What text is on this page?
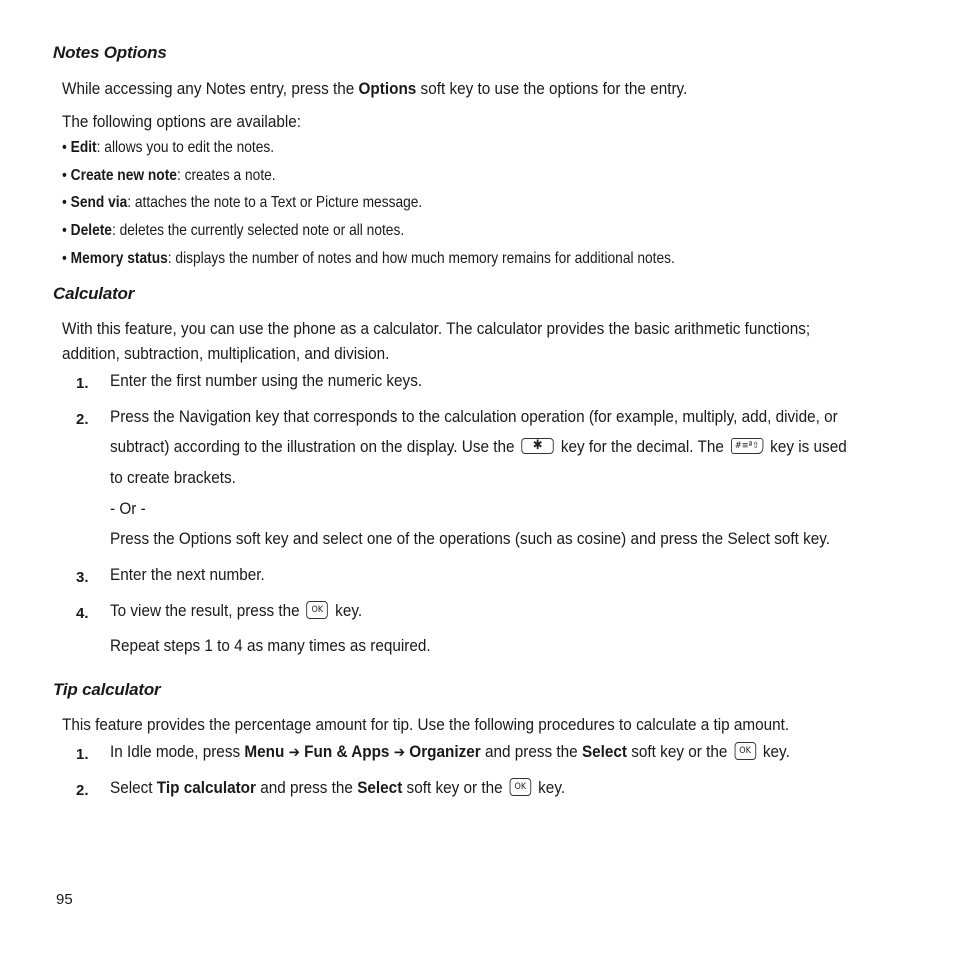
Notes Options
While accessing any Notes entry, press the Options soft key to use the options for the entry.
The following options are available:
• Edit: allows you to edit the notes.
• Create new note: creates a note.
• Send via: attaches the note to a Text or Picture message.
• Delete: deletes the currently selected note or all notes.
• Memory status: displays the number of notes and how much memory remains for additional notes.
Calculator
With this feature, you can use the phone as a calculator. The calculator provides the basic arithmetic functions;
addition, subtraction, multiplication, and division.
1. Enter the first number using the numeric keys.
2. Press the Navigation key that corresponds to the calculation operation (for example, multiply, add, divide, or
subtract) according to the illustration on the display. Use the ✱ key for the decimal. The #≡ª⇧ key is used
to create brackets.
- Or -
Press the Options soft key and select one of the operations (such as cosine) and press the Select soft key.
3. Enter the next number.
4. To view the result, press the OK key.
Repeat steps 1 to 4 as many times as required.
Tip calculator
This feature provides the percentage amount for tip. Use the following procedures to calculate a tip amount.
1. In Idle mode, press Menu ➔ Fun & Apps ➔ Organizer and press the Select soft key or the OK key.
2. Select Tip calculator and press the Select soft key or the OK key.
95
